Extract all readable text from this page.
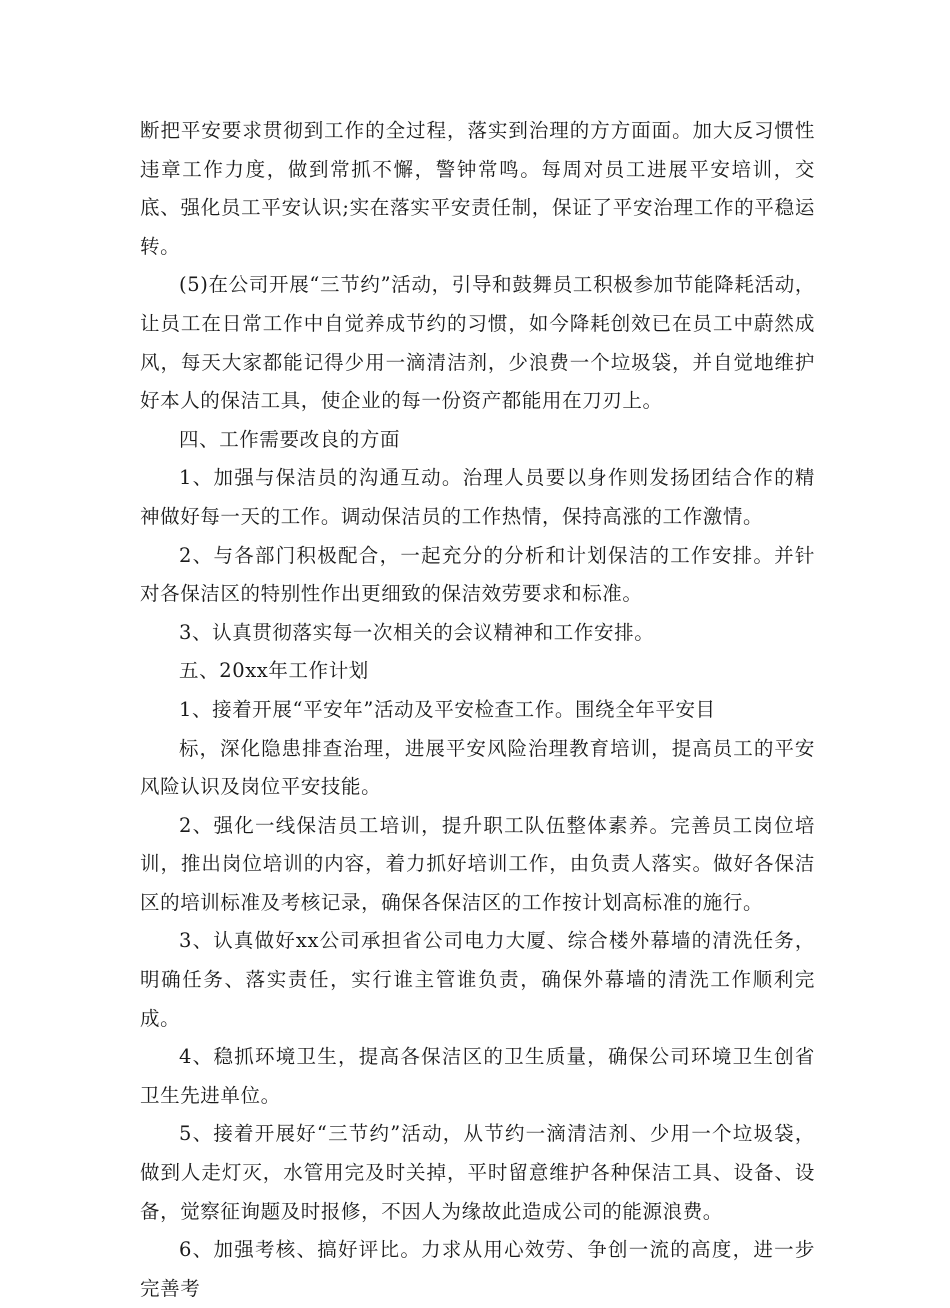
断把平安要求贯彻到工作的全过程，落实到治理的方方面面。加大反习惯性违章工作力度，做到常抓不懈，警钟常鸣。每周对员工进展平安培训，交底、强化员工平安认识;实在落实平安责任制，保证了平安治理工作的平稳运转。

(5)在公司开展“三节约”活动，引导和鼓舞员工积极参加节能降耗活动，让员工在日常工作中自觉养成节约的习惯，如今降耗创效已在员工中蔚然成风，每天大家都能记得少用一滴清洁剂，少浪费一个垃圾袋，并自觉地维护好本人的保洁工具，使企业的每一份资产都能用在刀刃上。

四、工作需要改良的方面

1、加强与保洁员的沟通互动。治理人员要以身作则发扬团结合作的精神做好每一天的工作。调动保洁员的工作热情，保持高涨的工作激情。

2、与各部门积极配合，一起充分的分析和计划保洁的工作安排。并针对各保洁区的特别性作出更细致的保洁效劳要求和标准。

3、认真贯彻落实每一次相关的会议精神和工作安排。

五、20xx年工作计划

1、接着开展“平安年”活动及平安检查工作。围绕全年平安目

标，深化隐患排查治理，进展平安风险治理教育培训，提高员工的平安风险认识及岗位平安技能。

2、强化一线保洁员工培训，提升职工队伍整体素养。完善员工岗位培训，推出岗位培训的内容，着力抓好培训工作，由负责人落实。做好各保洁区的培训标准及考核记录，确保各保洁区的工作按计划高标准的施行。

3、认真做好xx公司承担省公司电力大厦、综合楼外幕墙的清洗任务，明确任务、落实责任，实行谁主管谁负责，确保外幕墙的清洗工作顺利完成。

4、稳抓环境卫生，提高各保洁区的卫生质量，确保公司环境卫生创省卫生先进单位。

5、接着开展好“三节约”活动，从节约一滴清洁剂、少用一个垃圾袋，做到人走灯灭，水管用完及时关掉，平时留意维护各种保洁工具、设备、设备，觉察征询题及时报修，不因人为缘故此造成公司的能源浪费。

6、加强考核、搞好评比。力求从用心效劳、争创一流的高度，进一步完善考
